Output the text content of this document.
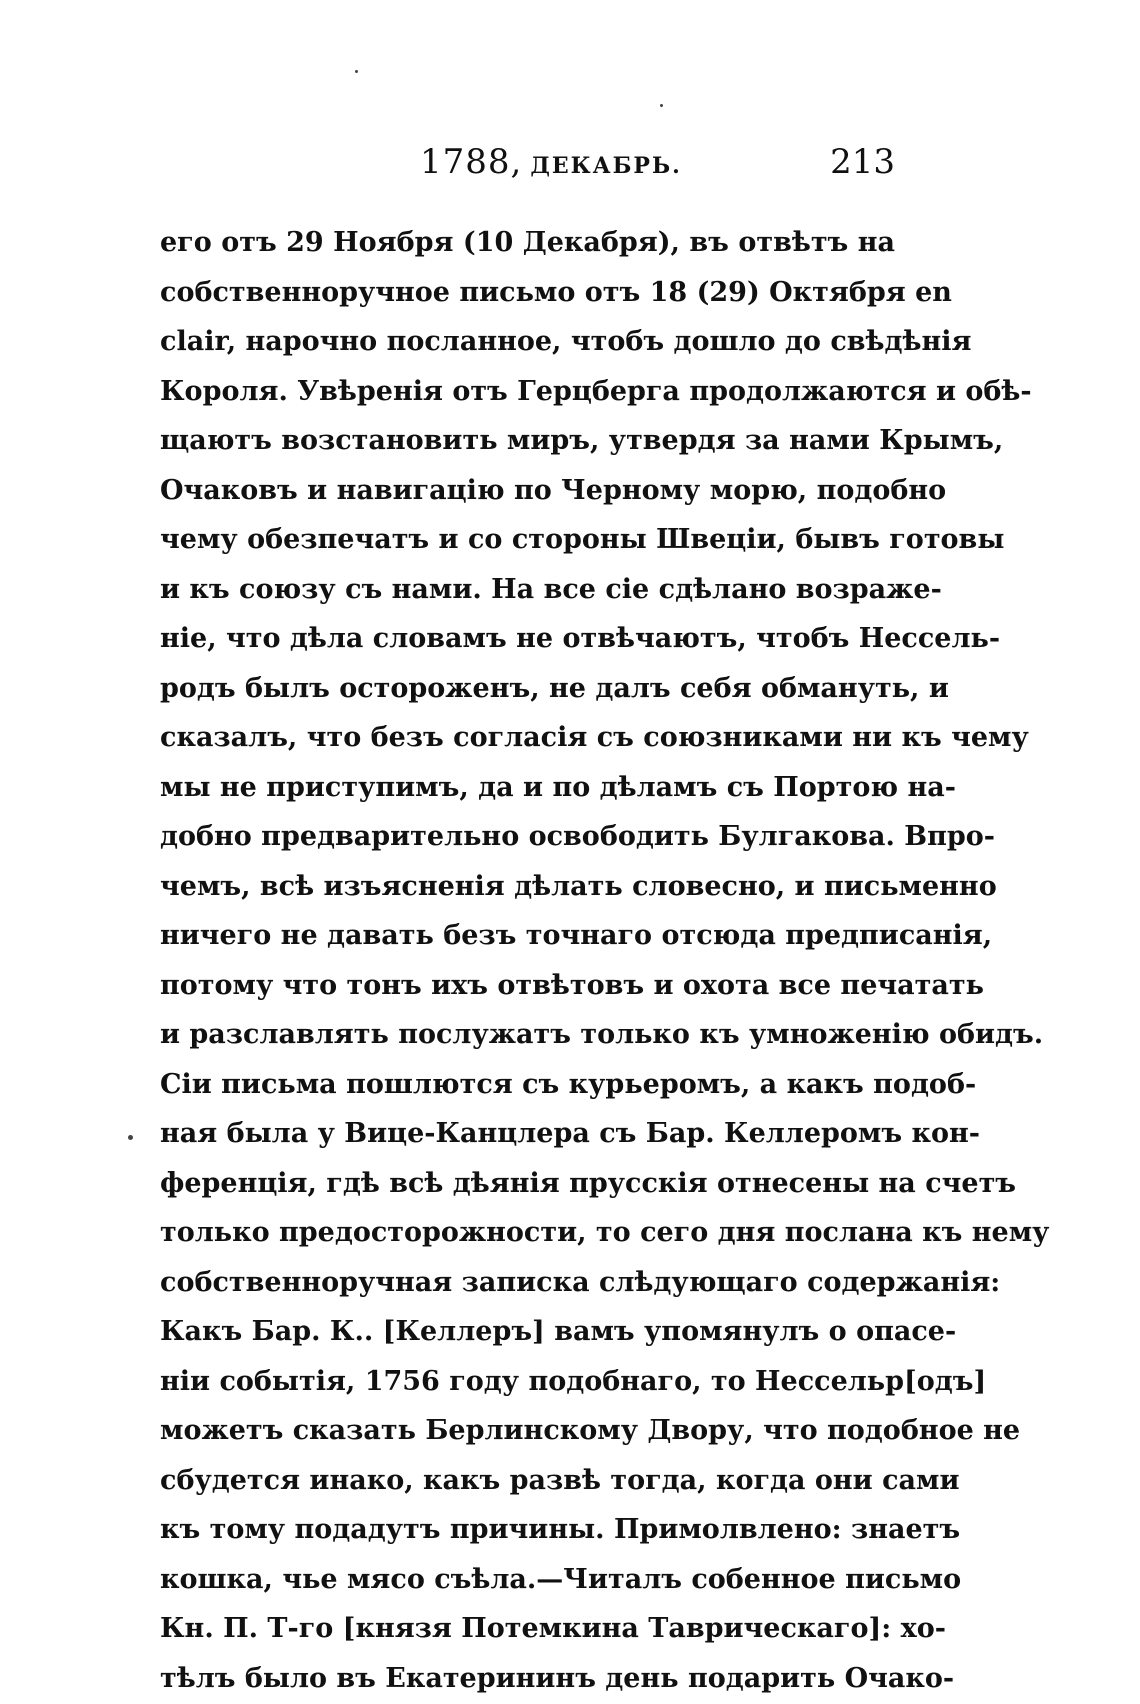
1788, ДЕКАБРЬ.	213
его отъ 29 Ноября (10 Декабря), въ отвѣтъ на
собственноручное письмо отъ 18 (29) Октября en
clair, нарочно посланное, чтобъ дошло до свѣдѣнія
Короля. Увѣренія отъ Герцберга продолжаются и обѣ-
щаютъ возстановить миръ, утвердя за нами Крымъ,
Очаковъ и навигацію по Черному морю, подобно
чему обезпечатъ и со стороны Швеціи, бывъ готовы
и къ союзу съ нами. На все сіе сдѣлано возраже-
ніе, что дѣла словамъ не отвѣчаютъ, чтобъ Нессель-
родъ былъ остороженъ, не далъ себя обмануть, и
сказалъ, что безъ согласія съ союзниками ни къ чему
мы не приступимъ, да и по дѣламъ съ Портою на-
добно предварительно освободить Булгакова. Впро-
чемъ, всѣ изъясненія дѣлать словесно, и письменно
ничего не давать безъ точнаго отсюда предписанія,
потому что тонъ ихъ отвѣтовъ и охота все печатать
и разславлять послужатъ только къ умноженію обидъ.
Сіи письма пошлются съ курьеромъ, а какъ подоб-
ная была у Вице-Канцлера съ Бар. Келлеромъ кон-
ференція, гдѣ всѣ дѣянія прусскія отнесены на счетъ
только предосторожности, то сего дня послана къ нему
собственноручная записка слѣдующаго содержанія:
Какъ Бар. К.. [Келлеръ] вамъ упомянулъ о опасе-
ніи событія, 1756 году подобнаго, то Нессельр[одъ]
можетъ сказать Берлинскому Двору, что подобное не
сбудется инако, какъ развѣ тогда, когда они сами
къ тому подадутъ причины. Примолвлено: знаетъ
кошка, чье мясо съѣла.—Читалъ собенное письмо
Кн. П. Т-го [князя Потемкина Таврическаго]: хо-
тѣлъ было въ Екатерининъ день подарить Очако-
